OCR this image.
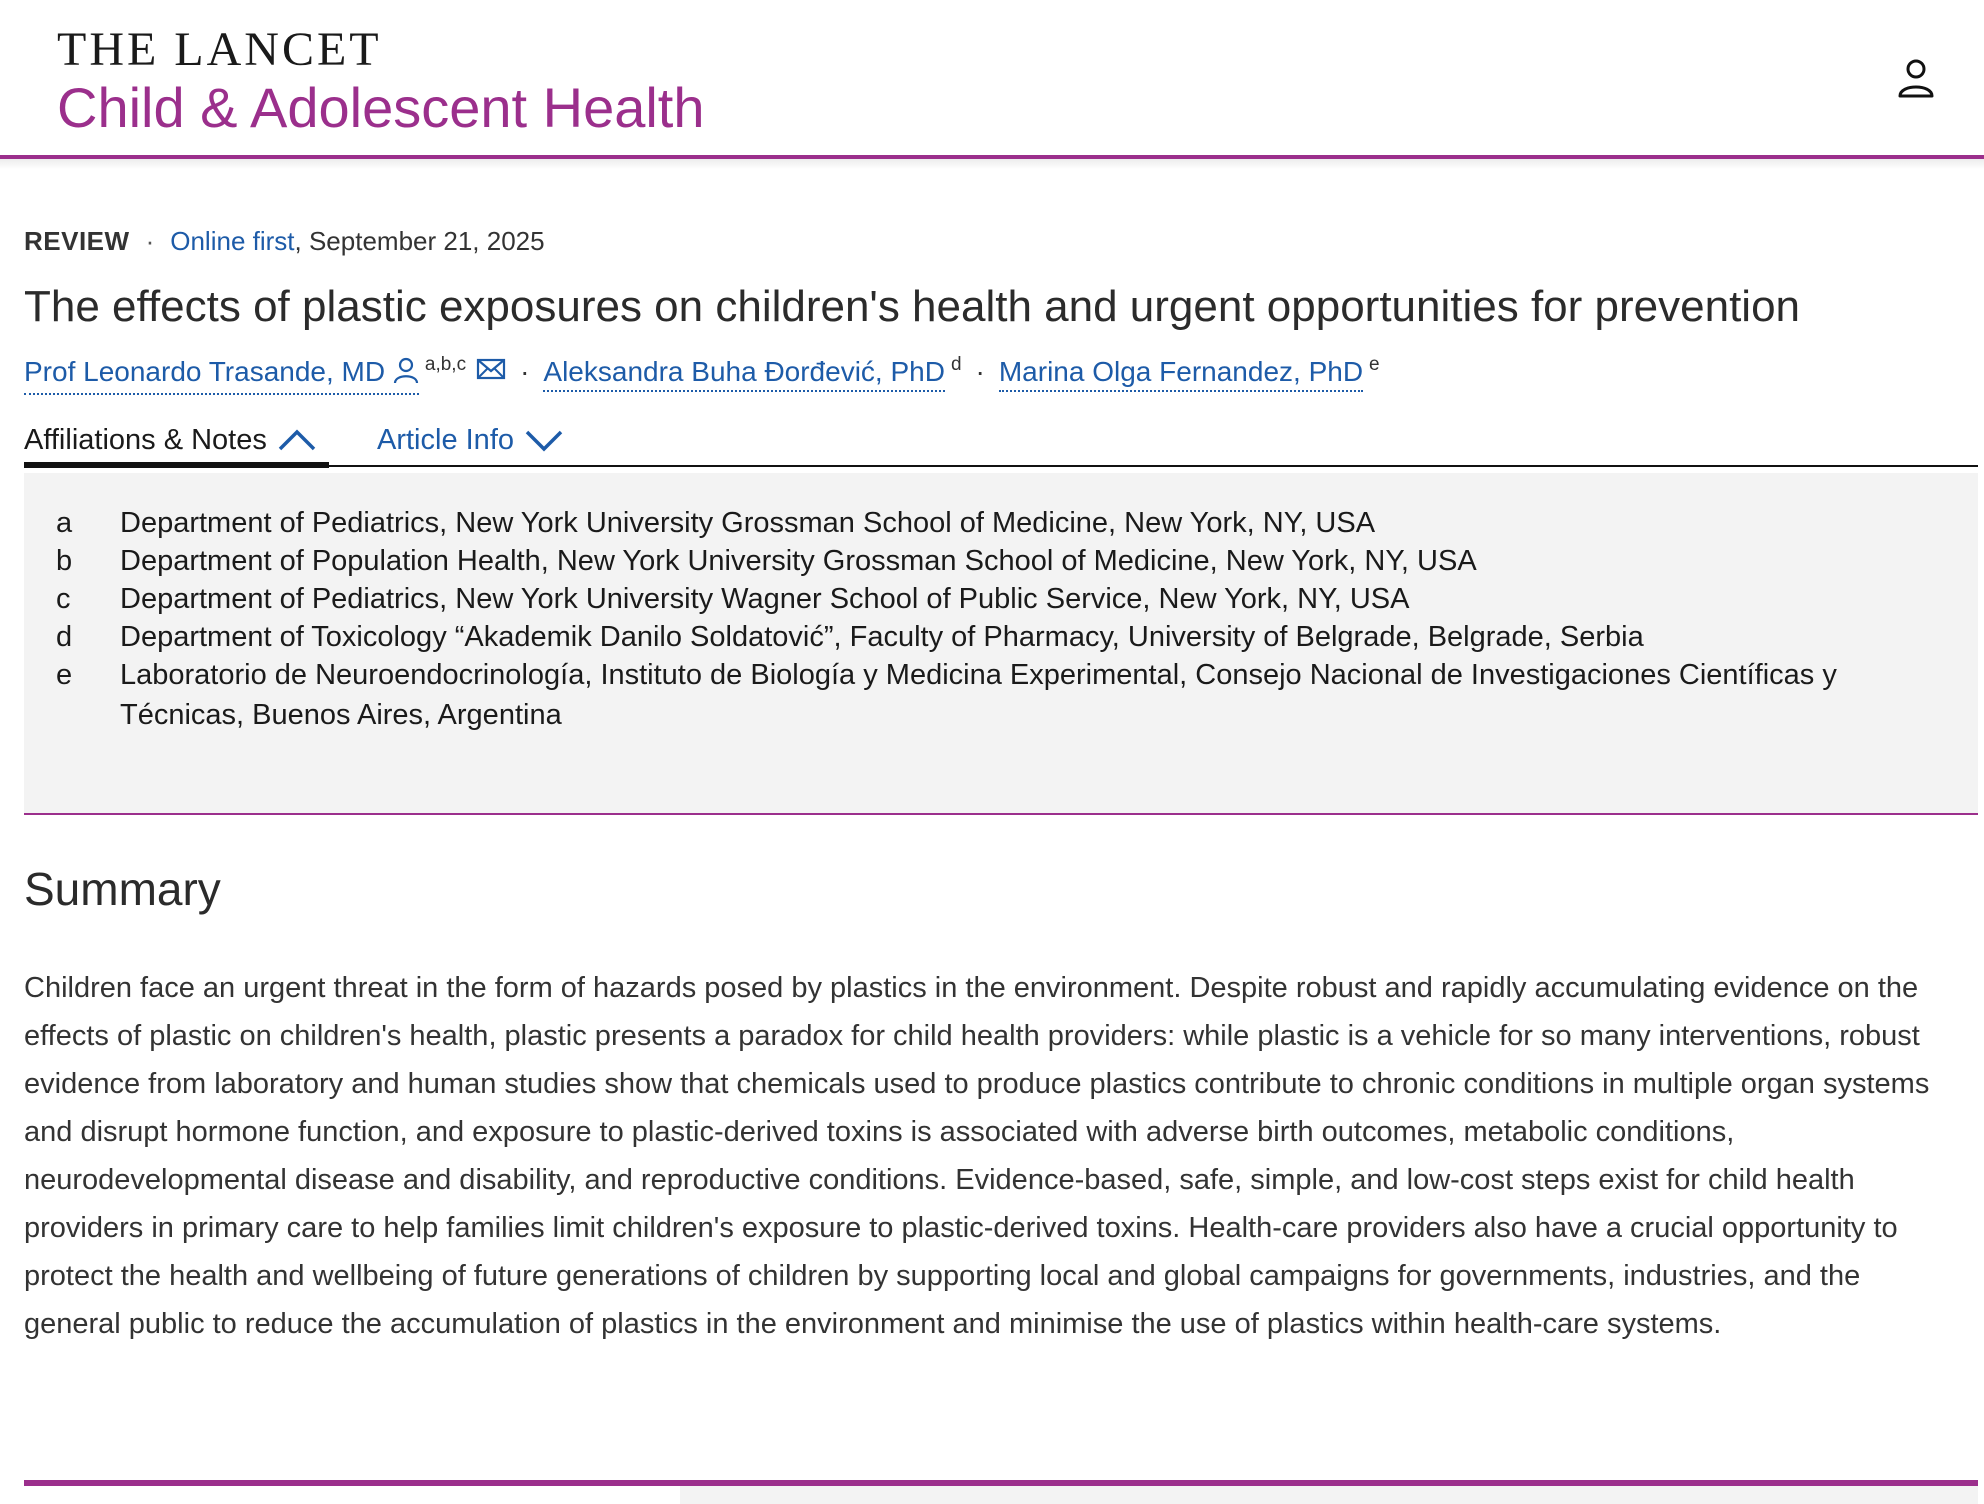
THE LANCET
Child & Adolescent Health
REVIEW · Online first, September 21, 2025
The effects of plastic exposures on children's health and urgent opportunities for prevention
Prof Leonardo Trasande, MD	a,b,c · Aleksandra Buha Đorđević, PhD d · Marina Olga Fernandez, PhD e
Affiliations & Notes	Article Info
a	Department of Pediatrics, New York University Grossman School of Medicine, New York, NY, USA
b	Department of Population Health, New York University Grossman School of Medicine, New York, NY, USA
c	Department of Pediatrics, New York University Wagner School of Public Service, New York, NY, USA
d	Department of Toxicology “Akademik Danilo Soldatović”, Faculty of Pharmacy, University of Belgrade, Belgrade, Serbia
e	Laboratorio de Neuroendocrinología, Instituto de Biología y Medicina Experimental, Consejo Nacional de Investigaciones Científicas y Técnicas, Buenos Aires, Argentina
Summary

Children face an urgent threat in the form of hazards posed by plastics in the environment. Despite robust and rapidly accumulating evidence on the effects of plastic on children's health, plastic presents a paradox for child health providers: while plastic is a vehicle for so many interventions, robust evidence from laboratory and human studies show that chemicals used to produce plastics contribute to chronic conditions in multiple organ systems and disrupt hormone function, and exposure to plastic-derived toxins is associated with adverse birth outcomes, metabolic conditions, neurodevelopmental disease and disability, and reproductive conditions. Evidence-based, safe, simple, and low-cost steps exist for child health providers in primary care to help families limit children's exposure to plastic-derived toxins. Health-care providers also have a crucial opportunity to protect the health and wellbeing of future generations of children by supporting local and global campaigns for governments, industries, and the general public to reduce the accumulation of plastics in the environment and minimise the use of plastics within health-care systems.
